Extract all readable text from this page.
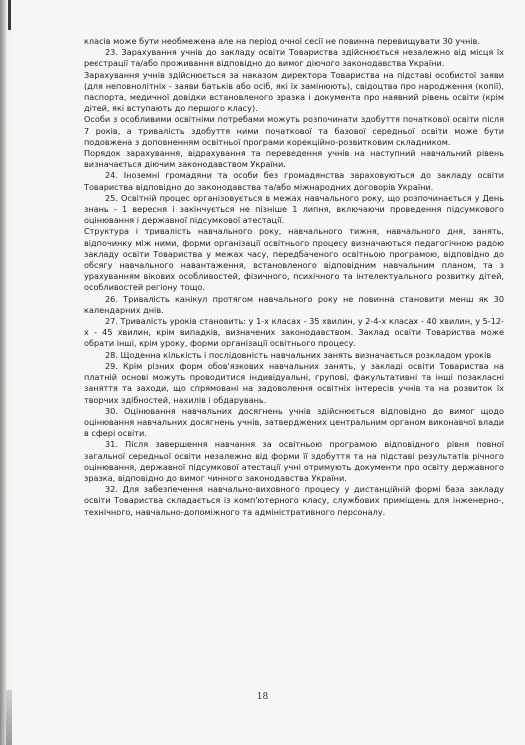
класів може бути необмежена але на період очної сесії не повинна перевищувати 30 учнів.

23. Зарахування учнів до закладу освіти Товариства здійснюється незалежно від місця їх реєстрації та/або проживання відповідно до вимог діючого законодавства України.

Зарахування учнів здійснюється за наказом директора Товариства на підставі особистої заяви (для неповнолітніх - заяви батьків або осіб, які їх замінюють), свідоцтва про народження (копії), паспорта, медичної довідки встановленого зразка і документа про наявний рівень освіти (крім дітей, які вступають до першого класу).

Особи з особливими освітніми потребами можуть розпочинати здобуття початкової освіти після 7 років, а тривалість здобуття ними початкової та базової середньої освіти може бути подовжена з доповненням освітньої програми корекційно-розвитковим складником.

Порядок зарахування, відрахування та переведення учнів на наступний навчальний рівень визначається діючим законодавством України.

24. Іноземні громадяни та особи без громадянства зараховуються до закладу освіти Товариства відповідно до законодавства та/або міжнародних договорів України.

25. Освітній процес організовується в межах навчального року, що розпочинається у День знань - 1 вересня і закінчується не пізніше 1 липня, включаючи проведення підсумкового оцінювання і державної підсумкової атестації.

Структура і тривалість навчального року, навчального тижня, навчального дня, занять, відпочинку між ними, форми організації освітнього процесу визначаються педагогічною радою закладу освіти Товариства у межах часу, передбаченого освітньою програмою, відповідно до обсягу навчального навантаження, встановленого відповідним навчальним планом, та з урахуванням вікових особливостей, фізичного, психічного та інтелектуального розвитку дітей, особливостей регіону тощо.

26. Тривалість канікул протягом навчального року не повинна становити менш як 30 календарних днів.

27. Тривалість уроків становить: у 1-х класах - 35 хвилин, у 2-4-х класах - 40 хвилин, у 5-12-х - 45 хвилин, крім випадків, визначених законодавством. Заклад освіти Товариства може обрати інші, крім уроку, форми організації освітнього процесу.

28. Щоденна кількість і послідовність навчальних занять визначається розкладом уроків

29. Крім різних форм обов'язкових навчальних занять, у закладі освіти Товариства на платній основі можуть проводитися індивідуальні, групові, факультативні та інші позакласні заняття та заходи, що спрямовані на задоволення освітніх інтересів учнів та на розвиток їх творчих здібностей, нахилів і обдарувань.

30. Оцінювання навчальних досягнень учнів здійснюється відповідно до вимог щодо оцінювання навчальних досягнень учнів, затверджених центральним органом виконавчої влади в сфері освіти.

31. Після завершення навчання за освітньою програмою відповідного рівня повної загальної середньої освіти незалежно від форми її здобуття та на підставі результатів річного оцінювання, державної підсумкової атестації учні отримують документи про освіту державного зразка, відповідно до вимог чинного законодавства України.

32. Для забезпечення навчально-виховного процесу у дистанційній формі база закладу освіти Товариства складається із комп'ютерного класу, службових приміщень для інженерно-, технічного, навчально-допоміжного та адміністративного персоналу.

18
